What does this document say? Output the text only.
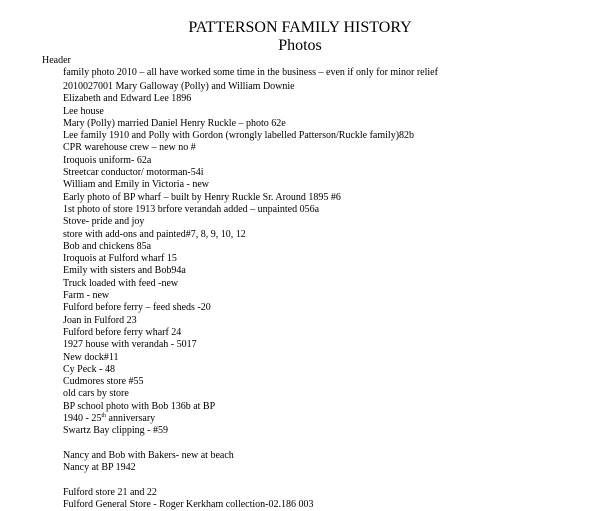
PATTERSON FAMILY HISTORY
Photos
Header
family photo 2010 – all have worked some time in the business – even if only for minor relief
2010027001 Mary Galloway (Polly) and William Downie
Elizabeth and Edward Lee 1896
Lee house
Mary (Polly) married Daniel Henry Ruckle – photo 62e
Lee family 1910 and Polly with Gordon (wrongly labelled Patterson/Ruckle family)82b
CPR warehouse crew – new no #
Iroquois uniform- 62a
Streetcar conductor/ motorman-54i
William and Emily in Victoria - new
Early photo of BP wharf – built by Henry Ruckle Sr. Around 1895 #6
1st photo of store 1913 brfore verandah added – unpainted 056a
Stove- pride and joy
store with add-ons and painted#7, 8, 9, 10, 12
Bob and chickens 85a
Iroquois at Fulford wharf 15
Emily with sisters and Bob94a
Truck loaded with feed -new
Farm - new
Fulford before ferry – feed sheds -20
Joan in Fulford 23
Fulford before ferry wharf 24
1927 house with verandah - 5017
New dock#11
Cy Peck - 48
Cudmores store #55
old cars by store
BP school photo with Bob 136b at BP
1940 - 25th anniversary
Swartz Bay clipping - #59
Nancy and Bob with Bakers- new at beach
Nancy at BP 1942
Fulford store 21 and 22
Fulford General Store - Roger Kerkham collection-02.186 003
